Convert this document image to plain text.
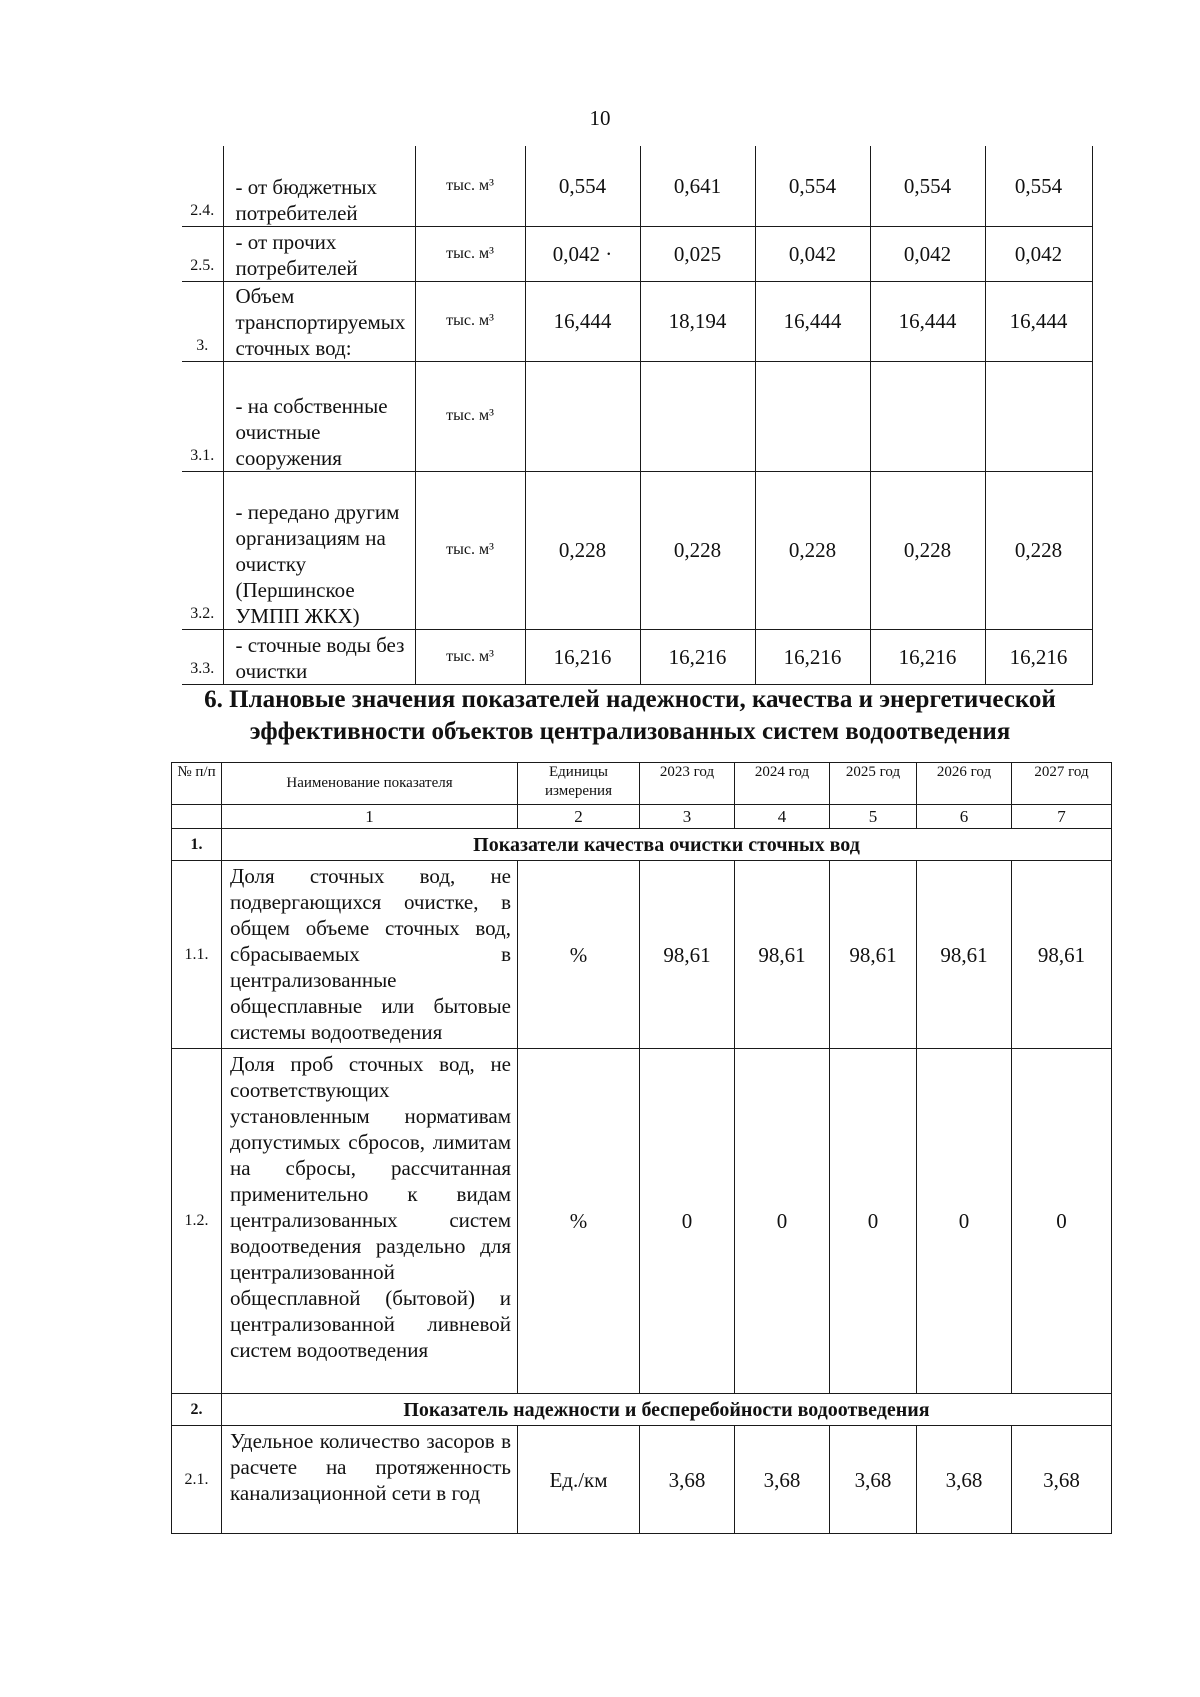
10
2.4.	- от бюджетных потребителей	тыс. м³	0,554	0,641	0,554	0,554	0,554
2.5.	- от прочих потребителей	тыс. м³	0,042 ·	0,025	0,042	0,042	0,042
3.	Объем транспортируемых сточных вод:	тыс. м³	16,444	18,194	16,444	16,444	16,444
3.1.	- на собственные очистные сооружения	тыс. м³					
3.2.	- передано другим организациям на очистку (Першинское УМПП ЖКХ)	тыс. м³	0,228	0,228	0,228	0,228	0,228
3.3.	- сточные воды без очистки	тыс. м³	16,216	16,216	16,216	16,216	16,216
6. Плановые значения показателей надежности, качества и энергетической эффективности объектов централизованных систем водоотведения
№ п/п	Наименование показателя	Единицы измерения	2023 год	2024 год	2025 год	2026 год	2027 год
	1	2	3	4	5	6	7
1.	Показатели качества очистки сточных вод						
1.1.	Доля сточных вод, не подвергающихся очистке, в общем объеме сточных вод, сбрасываемых в централизованные общесплавные или бытовые системы водоотведения	%	98,61	98,61	98,61	98,61	98,61
1.2.	Доля проб сточных вод, не соответствующих установленным нормативам допустимых сбросов, лимитам на сбросы, рассчитанная применительно к видам централизованных систем водоотведения раздельно для централизованной общесплавной (бытовой) и централизованной ливневой систем водоотведения	%	0	0	0	0	0
2.	Показатель надежности и бесперебойности водоотведения						
2.1.	Удельное количество засоров в расчете на протяженность канализационной сети в год	Ед./км	3,68	3,68	3,68	3,68	3,68
